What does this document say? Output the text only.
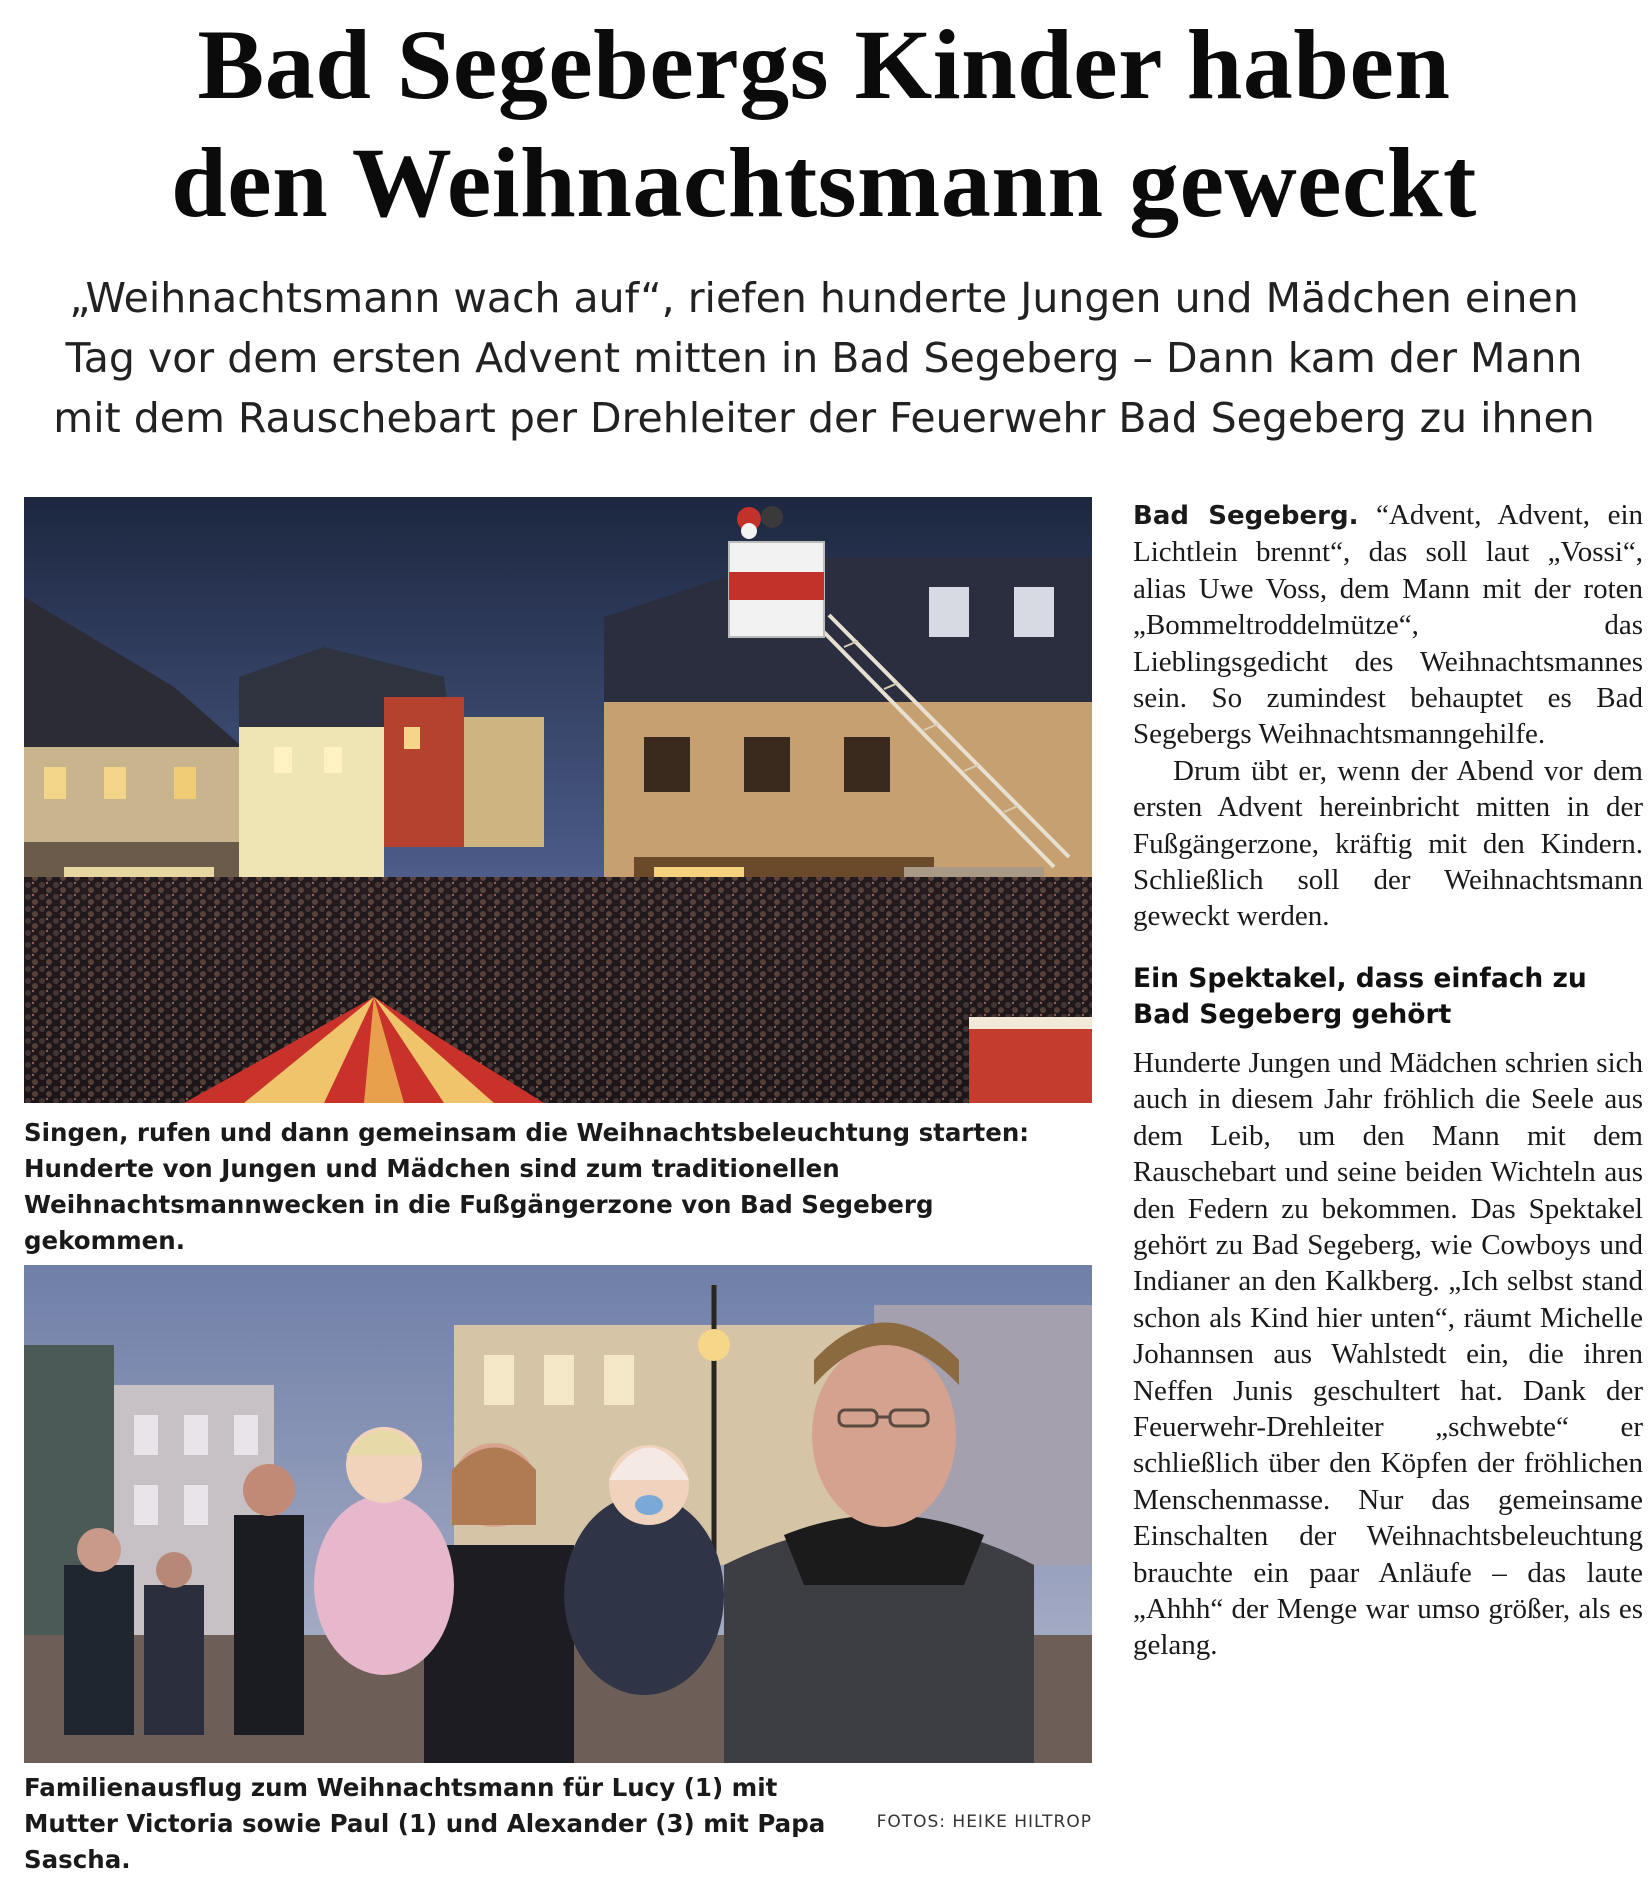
Bad Segebergs Kinder haben
den Weihnachtsmann geweckt

„Weihnachtsmann wach auf“, riefen hunderte Jungen und Mädchen einen
Tag vor dem ersten Advent mitten in Bad Segeberg – Dann kam der Mann
mit dem Rauschebart per Drehleiter der Feuerwehr Bad Segeberg zu ihnen

Singen, rufen und dann gemeinsam die Weihnachtsbeleuchtung starten: Hunderte von Jungen und Mädchen sind zum traditionellen Weihnachtsmannwecken in die Fußgängerzone von Bad Segeberg gekommen.

Familienausflug zum Weihnachtsmann für Lucy (1) mit Mutter Victoria sowie Paul (1) und Alexander (3) mit Papa Sascha.

FOTOS: HEIKE HILTROP

Bad Segeberg. “Advent, Advent, ein Lichtlein brennt“, das soll laut „Vossi“, alias Uwe Voss, dem Mann mit der roten „Bommeltroddelmütze“, das Lieblingsgedicht des Weihnachtsmannes sein. So zumindest behauptet es Bad Segebergs Weihnachtsmanngehilfe.

Drum übt er, wenn der Abend vor dem ersten Advent hereinbricht mitten in der Fußgängerzone, kräftig mit den Kindern. Schließlich soll der Weihnachtsmann geweckt werden.

Ein Spektakel, dass einfach zu Bad Segeberg gehört

Hunderte Jungen und Mädchen schrien sich auch in diesem Jahr fröhlich die Seele aus dem Leib, um den Mann mit dem Rauschebart und seine beiden Wichteln aus den Federn zu bekommen. Das Spektakel gehört zu Bad Segeberg, wie Cowboys und Indianer an den Kalkberg. „Ich selbst stand schon als Kind hier unten“, räumt Michelle Johannsen aus Wahlstedt ein, die ihren Neffen Junis geschultert hat. Dank der Feuerwehr-Drehleiter „schwebte“ er schließlich über den Köpfen der fröhlichen Menschenmasse. Nur das gemeinsame Einschalten der Weihnachtsbeleuchtung brauchte ein paar Anläufe – das laute „Ahhh“ der Menge war umso größer, als es gelang.
